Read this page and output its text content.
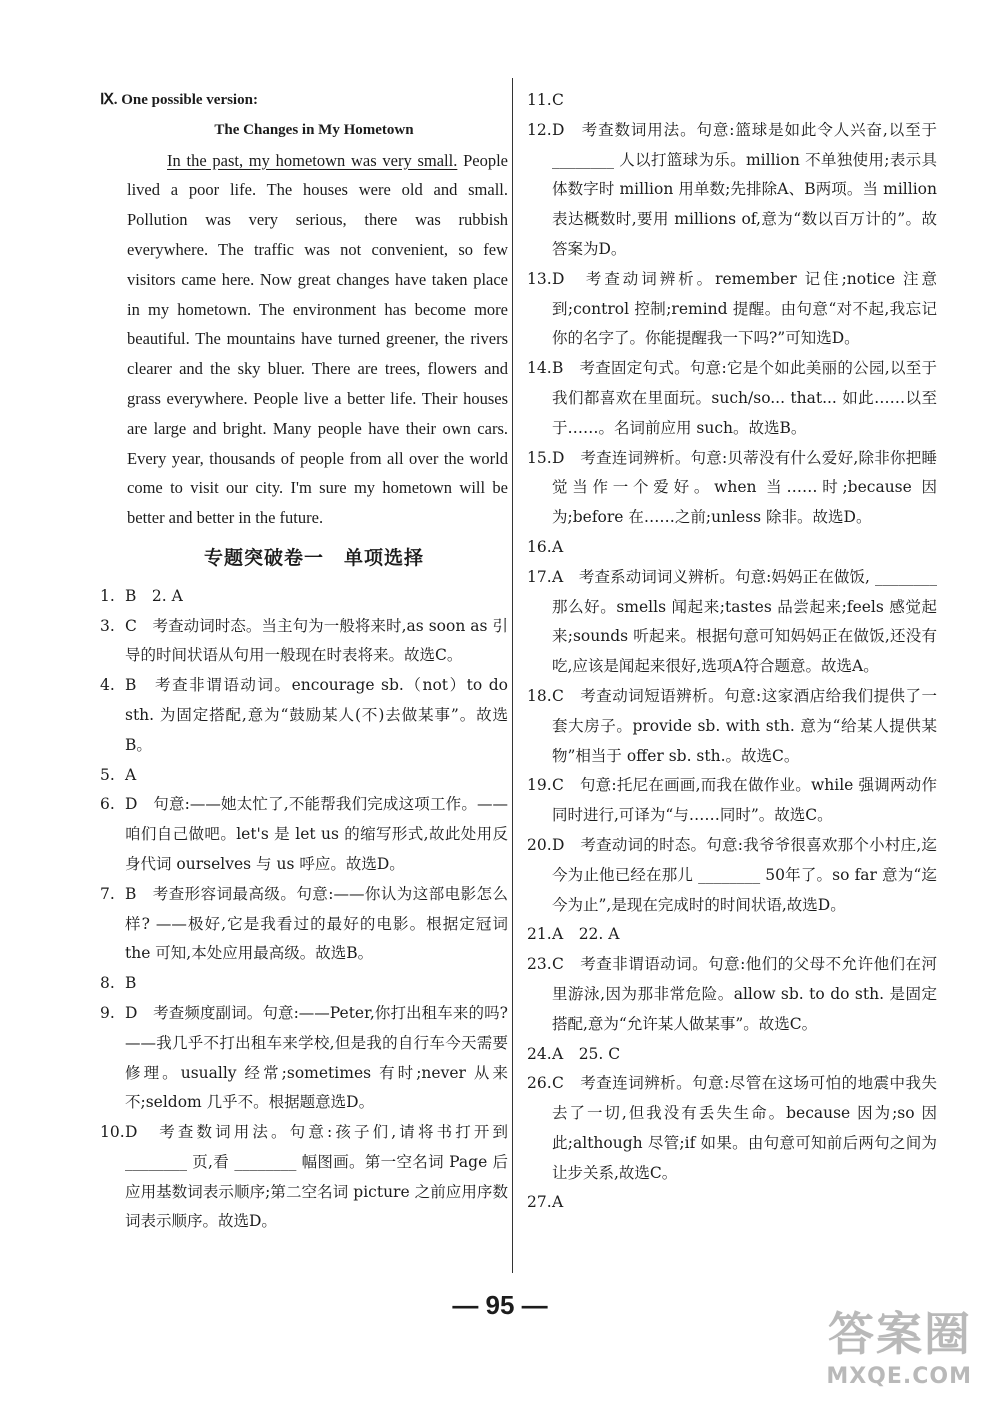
Ⅸ. One possible version:
The Changes in My Hometown

In the past, my hometown was very small. People lived a poor life. The houses were old and small. Pollution was very serious, there was rubbish everywhere. The traffic was not convenient, so few visitors came here. Now great changes have taken place in my hometown. The environment has become more beautiful. The mountains have turned greener, the rivers clearer and the sky bluer. There are trees, flowers and grass everywhere. People live a better life. Their houses are large and bright. Many people have their own cars. Every year, thousands of people from all over the world come to visit our city. I'm sure my hometown will be better and better in the future.

专题突破卷一　单项选择
1. B　2. A
3. C　考查动词时态。当主句为一般将来时,as soon as 引导的时间状语从句用一般现在时表将来。故选C。
4. B　考查非谓语动词。encourage sb.（not）to do sth. 为固定搭配,意为“鼓励某人(不)去做某事”。故选B。
5. A
6. D　句意:——她太忙了,不能帮我们完成这项工作。——咱们自己做吧。let's 是 let us 的缩写形式,故此处用反身代词 ourselves 与 us 呼应。故选D。
7. B　考查形容词最高级。句意:——你认为这部电影怎么样? ——极好,它是我看过的最好的电影。根据定冠词 the 可知,本处应用最高级。故选B。
8. B
9. D　考查频度副词。句意:——Peter,你打出租车来的吗? ——我几乎不打出租车来学校,但是我的自行车今天需要修理。usually 经常;sometimes 有时;never 从来不;seldom 几乎不。根据题意选D。
10. D　考查数词用法。句意:孩子们,请将书打开到 ________ 页,看 ________ 幅图画。第一空名词 Page 后应用基数词表示顺序;第二空名词 picture 之前应用序数词表示顺序。故选D。
11. C
12. D　考查数词用法。句意:篮球是如此令人兴奋,以至于 ________ 人以打篮球为乐。million 不单独使用;表示具体数字时 million 用单数;先排除A、B两项。当 million 表达概数时,要用 millions of,意为“数以百万计的”。故答案为D。
13. D　考查动词辨析。remember 记住;notice 注意到;control 控制;remind 提醒。由句意“对不起,我忘记你的名字了。你能提醒我一下吗?”可知选D。
14. B　考查固定句式。句意:它是个如此美丽的公园,以至于我们都喜欢在里面玩。such/so... that... 如此……以至于……。名词前应用 such。故选B。
15. D　考查连词辨析。句意:贝蒂没有什么爱好,除非你把睡觉当作一个爱好。when 当……时;because 因为;before 在……之前;unless 除非。故选D。
16. A
17. A　考查系动词词义辨析。句意:妈妈正在做饭, ________ 那么好。smells 闻起来;tastes 品尝起来;feels 感觉起来;sounds 听起来。根据句意可知妈妈正在做饭,还没有吃,应该是闻起来很好,选项A符合题意。故选A。
18. C　考查动词短语辨析。句意:这家酒店给我们提供了一套大房子。provide sb. with sth. 意为“给某人提供某物”相当于 offer sb. sth.。故选C。
19. C　句意:托尼在画画,而我在做作业。while 强调两动作同时进行,可译为“与……同时”。故选C。
20. D　考查动词的时态。句意:我爷爷很喜欢那个小村庄,迄今为止他已经在那儿 ________ 50年了。so far 意为“迄今为止”,是现在完成时的时间状语,故选D。
21. A　22. A
23. C　考查非谓语动词。句意:他们的父母不允许他们在河里游泳,因为那非常危险。allow sb. to do sth. 是固定搭配,意为“允许某人做某事”。故选C。
24. A　25. C
26. C　考查连词辨析。句意:尽管在这场可怕的地震中我失去了一切,但我没有丢失生命。because 因为;so 因此;although 尽管;if 如果。由句意可知前后两句之间为让步关系,故选C。
27. A
— 95 —
答案圈
MXQE.COM
